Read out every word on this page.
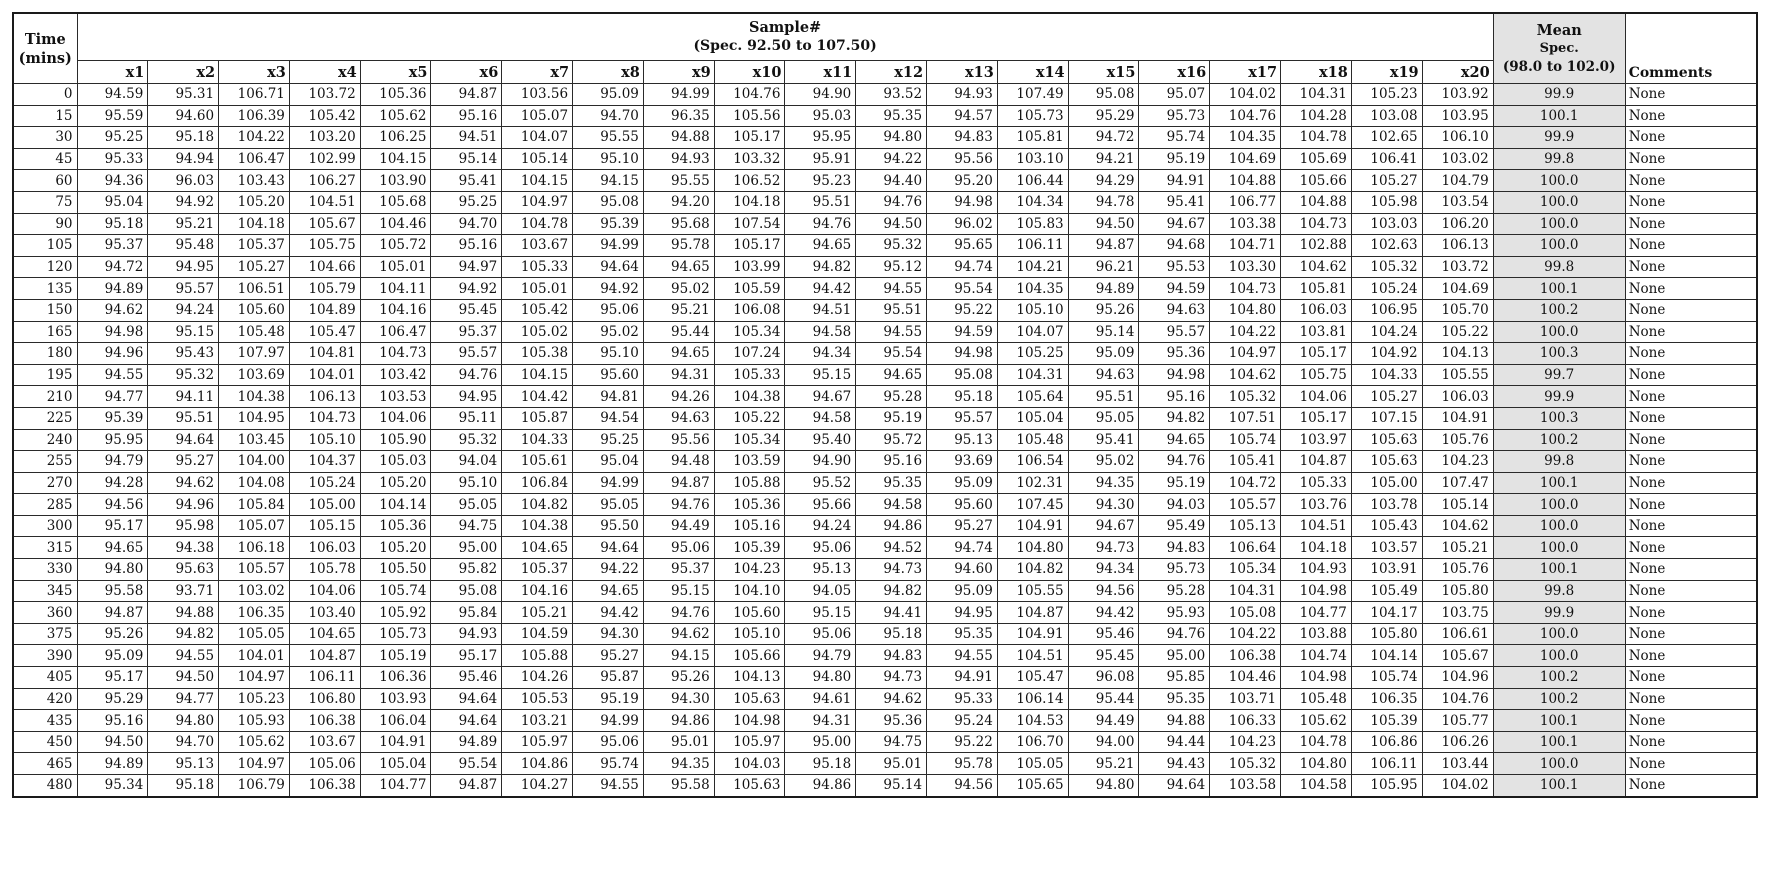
Time
(mins)	Sample#
(Spec. 92.50 to 107.50)																				Mean
Spec.
(98.0 to 102.0)	Comments
	x1	x2	x3	x4	x5	x6	x7	x8	x9	x10	x11	x12	x13	x14	x15	x16	x17	x18	x19	x20		
0	94.59	95.31	106.71	103.72	105.36	94.87	103.56	95.09	94.99	104.76	94.90	93.52	94.93	107.49	95.08	95.07	104.02	104.31	105.23	103.92	99.9	None
15	95.59	94.60	106.39	105.42	105.62	95.16	105.07	94.70	96.35	105.56	95.03	95.35	94.57	105.73	95.29	95.73	104.76	104.28	103.08	103.95	100.1	None
30	95.25	95.18	104.22	103.20	106.25	94.51	104.07	95.55	94.88	105.17	95.95	94.80	94.83	105.81	94.72	95.74	104.35	104.78	102.65	106.10	99.9	None
45	95.33	94.94	106.47	102.99	104.15	95.14	105.14	95.10	94.93	103.32	95.91	94.22	95.56	103.10	94.21	95.19	104.69	105.69	106.41	103.02	99.8	None
60	94.36	96.03	103.43	106.27	103.90	95.41	104.15	94.15	95.55	106.52	95.23	94.40	95.20	106.44	94.29	94.91	104.88	105.66	105.27	104.79	100.0	None
75	95.04	94.92	105.20	104.51	105.68	95.25	104.97	95.08	94.20	104.18	95.51	94.76	94.98	104.34	94.78	95.41	106.77	104.88	105.98	103.54	100.0	None
90	95.18	95.21	104.18	105.67	104.46	94.70	104.78	95.39	95.68	107.54	94.76	94.50	96.02	105.83	94.50	94.67	103.38	104.73	103.03	106.20	100.0	None
105	95.37	95.48	105.37	105.75	105.72	95.16	103.67	94.99	95.78	105.17	94.65	95.32	95.65	106.11	94.87	94.68	104.71	102.88	102.63	106.13	100.0	None
120	94.72	94.95	105.27	104.66	105.01	94.97	105.33	94.64	94.65	103.99	94.82	95.12	94.74	104.21	96.21	95.53	103.30	104.62	105.32	103.72	99.8	None
135	94.89	95.57	106.51	105.79	104.11	94.92	105.01	94.92	95.02	105.59	94.42	94.55	95.54	104.35	94.89	94.59	104.73	105.81	105.24	104.69	100.1	None
150	94.62	94.24	105.60	104.89	104.16	95.45	105.42	95.06	95.21	106.08	94.51	95.51	95.22	105.10	95.26	94.63	104.80	106.03	106.95	105.70	100.2	None
165	94.98	95.15	105.48	105.47	106.47	95.37	105.02	95.02	95.44	105.34	94.58	94.55	94.59	104.07	95.14	95.57	104.22	103.81	104.24	105.22	100.0	None
180	94.96	95.43	107.97	104.81	104.73	95.57	105.38	95.10	94.65	107.24	94.34	95.54	94.98	105.25	95.09	95.36	104.97	105.17	104.92	104.13	100.3	None
195	94.55	95.32	103.69	104.01	103.42	94.76	104.15	95.60	94.31	105.33	95.15	94.65	95.08	104.31	94.63	94.98	104.62	105.75	104.33	105.55	99.7	None
210	94.77	94.11	104.38	106.13	103.53	94.95	104.42	94.81	94.26	104.38	94.67	95.28	95.18	105.64	95.51	95.16	105.32	104.06	105.27	106.03	99.9	None
225	95.39	95.51	104.95	104.73	104.06	95.11	105.87	94.54	94.63	105.22	94.58	95.19	95.57	105.04	95.05	94.82	107.51	105.17	107.15	104.91	100.3	None
240	95.95	94.64	103.45	105.10	105.90	95.32	104.33	95.25	95.56	105.34	95.40	95.72	95.13	105.48	95.41	94.65	105.74	103.97	105.63	105.76	100.2	None
255	94.79	95.27	104.00	104.37	105.03	94.04	105.61	95.04	94.48	103.59	94.90	95.16	93.69	106.54	95.02	94.76	105.41	104.87	105.63	104.23	99.8	None
270	94.28	94.62	104.08	105.24	105.20	95.10	106.84	94.99	94.87	105.88	95.52	95.35	95.09	102.31	94.35	95.19	104.72	105.33	105.00	107.47	100.1	None
285	94.56	94.96	105.84	105.00	104.14	95.05	104.82	95.05	94.76	105.36	95.66	94.58	95.60	107.45	94.30	94.03	105.57	103.76	103.78	105.14	100.0	None
300	95.17	95.98	105.07	105.15	105.36	94.75	104.38	95.50	94.49	105.16	94.24	94.86	95.27	104.91	94.67	95.49	105.13	104.51	105.43	104.62	100.0	None
315	94.65	94.38	106.18	106.03	105.20	95.00	104.65	94.64	95.06	105.39	95.06	94.52	94.74	104.80	94.73	94.83	106.64	104.18	103.57	105.21	100.0	None
330	94.80	95.63	105.57	105.78	105.50	95.82	105.37	94.22	95.37	104.23	95.13	94.73	94.60	104.82	94.34	95.73	105.34	104.93	103.91	105.76	100.1	None
345	95.58	93.71	103.02	104.06	105.74	95.08	104.16	94.65	95.15	104.10	94.05	94.82	95.09	105.55	94.56	95.28	104.31	104.98	105.49	105.80	99.8	None
360	94.87	94.88	106.35	103.40	105.92	95.84	105.21	94.42	94.76	105.60	95.15	94.41	94.95	104.87	94.42	95.93	105.08	104.77	104.17	103.75	99.9	None
375	95.26	94.82	105.05	104.65	105.73	94.93	104.59	94.30	94.62	105.10	95.06	95.18	95.35	104.91	95.46	94.76	104.22	103.88	105.80	106.61	100.0	None
390	95.09	94.55	104.01	104.87	105.19	95.17	105.88	95.27	94.15	105.66	94.79	94.83	94.55	104.51	95.45	95.00	106.38	104.74	104.14	105.67	100.0	None
405	95.17	94.50	104.97	106.11	106.36	95.46	104.26	95.87	95.26	104.13	94.80	94.73	94.91	105.47	96.08	95.85	104.46	104.98	105.74	104.96	100.2	None
420	95.29	94.77	105.23	106.80	103.93	94.64	105.53	95.19	94.30	105.63	94.61	94.62	95.33	106.14	95.44	95.35	103.71	105.48	106.35	104.76	100.2	None
435	95.16	94.80	105.93	106.38	106.04	94.64	103.21	94.99	94.86	104.98	94.31	95.36	95.24	104.53	94.49	94.88	106.33	105.62	105.39	105.77	100.1	None
450	94.50	94.70	105.62	103.67	104.91	94.89	105.97	95.06	95.01	105.97	95.00	94.75	95.22	106.70	94.00	94.44	104.23	104.78	106.86	106.26	100.1	None
465	94.89	95.13	104.97	105.06	105.04	95.54	104.86	95.74	94.35	104.03	95.18	95.01	95.78	105.05	95.21	94.43	105.32	104.80	106.11	103.44	100.0	None
480	95.34	95.18	106.79	106.38	104.77	94.87	104.27	94.55	95.58	105.63	94.86	95.14	94.56	105.65	94.80	94.64	103.58	104.58	105.95	104.02	100.1	None
